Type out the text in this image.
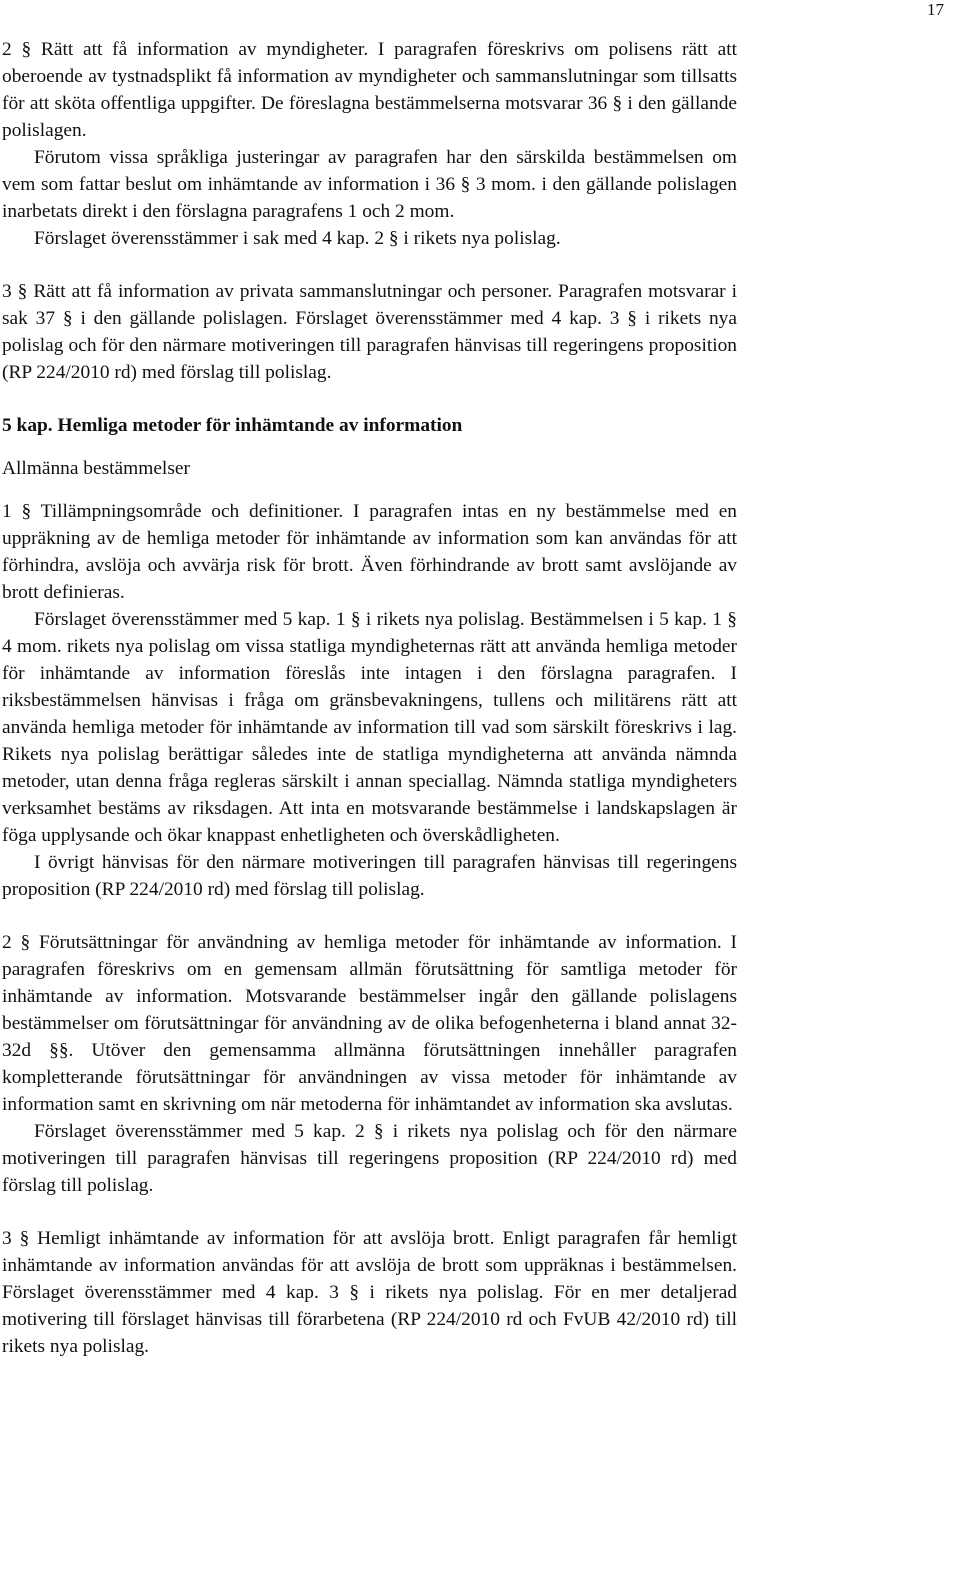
17

2 § Rätt att få information av myndigheter. I paragrafen föreskrivs om polisens rätt att oberoende av tystnadsplikt få information av myndigheter och sammanslutningar som tillsatts för att sköta offentliga uppgifter. De föreslagna bestämmelserna motsvarar 36 § i den gällande polislagen.

Förutom vissa språkliga justeringar av paragrafen har den särskilda bestämmelsen om vem som fattar beslut om inhämtande av information i 36 § 3 mom. i den gällande polislagen inarbetats direkt i den förslagna paragrafens 1 och 2 mom.

Förslaget överensstämmer i sak med 4 kap. 2 § i rikets nya polislag.

3 § Rätt att få information av privata sammanslutningar och personer. Paragrafen motsvarar i sak 37 § i den gällande polislagen. Förslaget överensstämmer med 4 kap. 3 § i rikets nya polislag och för den närmare motiveringen till paragrafen hänvisas till regeringens proposition (RP 224/2010 rd) med förslag till polislag.

5 kap. Hemliga metoder för inhämtande av information

Allmänna bestämmelser

1 § Tillämpningsområde och definitioner. I paragrafen intas en ny bestämmelse med en uppräkning av de hemliga metoder för inhämtande av information som kan användas för att förhindra, avslöja och avvärja risk för brott. Även förhindrande av brott samt avslöjande av brott definieras.

Förslaget överensstämmer med 5 kap. 1 § i rikets nya polislag. Bestämmelsen i 5 kap. 1 § 4 mom. rikets nya polislag om vissa statliga myndigheternas rätt att använda hemliga metoder för inhämtande av information föreslås inte intagen i den förslagna paragrafen. I riksbestämmelsen hänvisas i fråga om gränsbevakningens, tullens och militärens rätt att använda hemliga metoder för inhämtande av information till vad som särskilt föreskrivs i lag. Rikets nya polislag berättigar således inte de statliga myndigheterna att använda nämnda metoder, utan denna fråga regleras särskilt i annan speciallag. Nämnda statliga myndigheters verksamhet bestäms av riksdagen. Att inta en motsvarande bestämmelse i landskapslagen är föga upplysande och ökar knappast enhetligheten och överskådligheten.

I övrigt hänvisas för den närmare motiveringen till paragrafen hänvisas till regeringens proposition (RP 224/2010 rd) med förslag till polislag.

2 § Förutsättningar för användning av hemliga metoder för inhämtande av information. I paragrafen föreskrivs om en gemensam allmän förutsättning för samtliga metoder för inhämtande av information. Motsvarande bestämmelser ingår den gällande polislagens bestämmelser om förutsättningar för användning av de olika befogenheterna i bland annat 32-32d §§. Utöver den gemensamma allmänna förutsättningen innehåller paragrafen kompletterande förutsättningar för användningen av vissa metoder för inhämtande av information samt en skrivning om när metoderna för inhämtandet av information ska avslutas.

Förslaget överensstämmer med 5 kap. 2 § i rikets nya polislag och för den närmare motiveringen till paragrafen hänvisas till regeringens proposition (RP 224/2010 rd) med förslag till polislag.

3 § Hemligt inhämtande av information för att avslöja brott. Enligt paragrafen får hemligt inhämtande av information användas för att avslöja de brott som uppräknas i bestämmelsen. Förslaget överensstämmer med 4 kap. 3 § i rikets nya polislag. För en mer detaljerad motivering till förslaget hänvisas till förarbetena (RP 224/2010 rd och FvUB 42/2010 rd) till rikets nya polislag.
